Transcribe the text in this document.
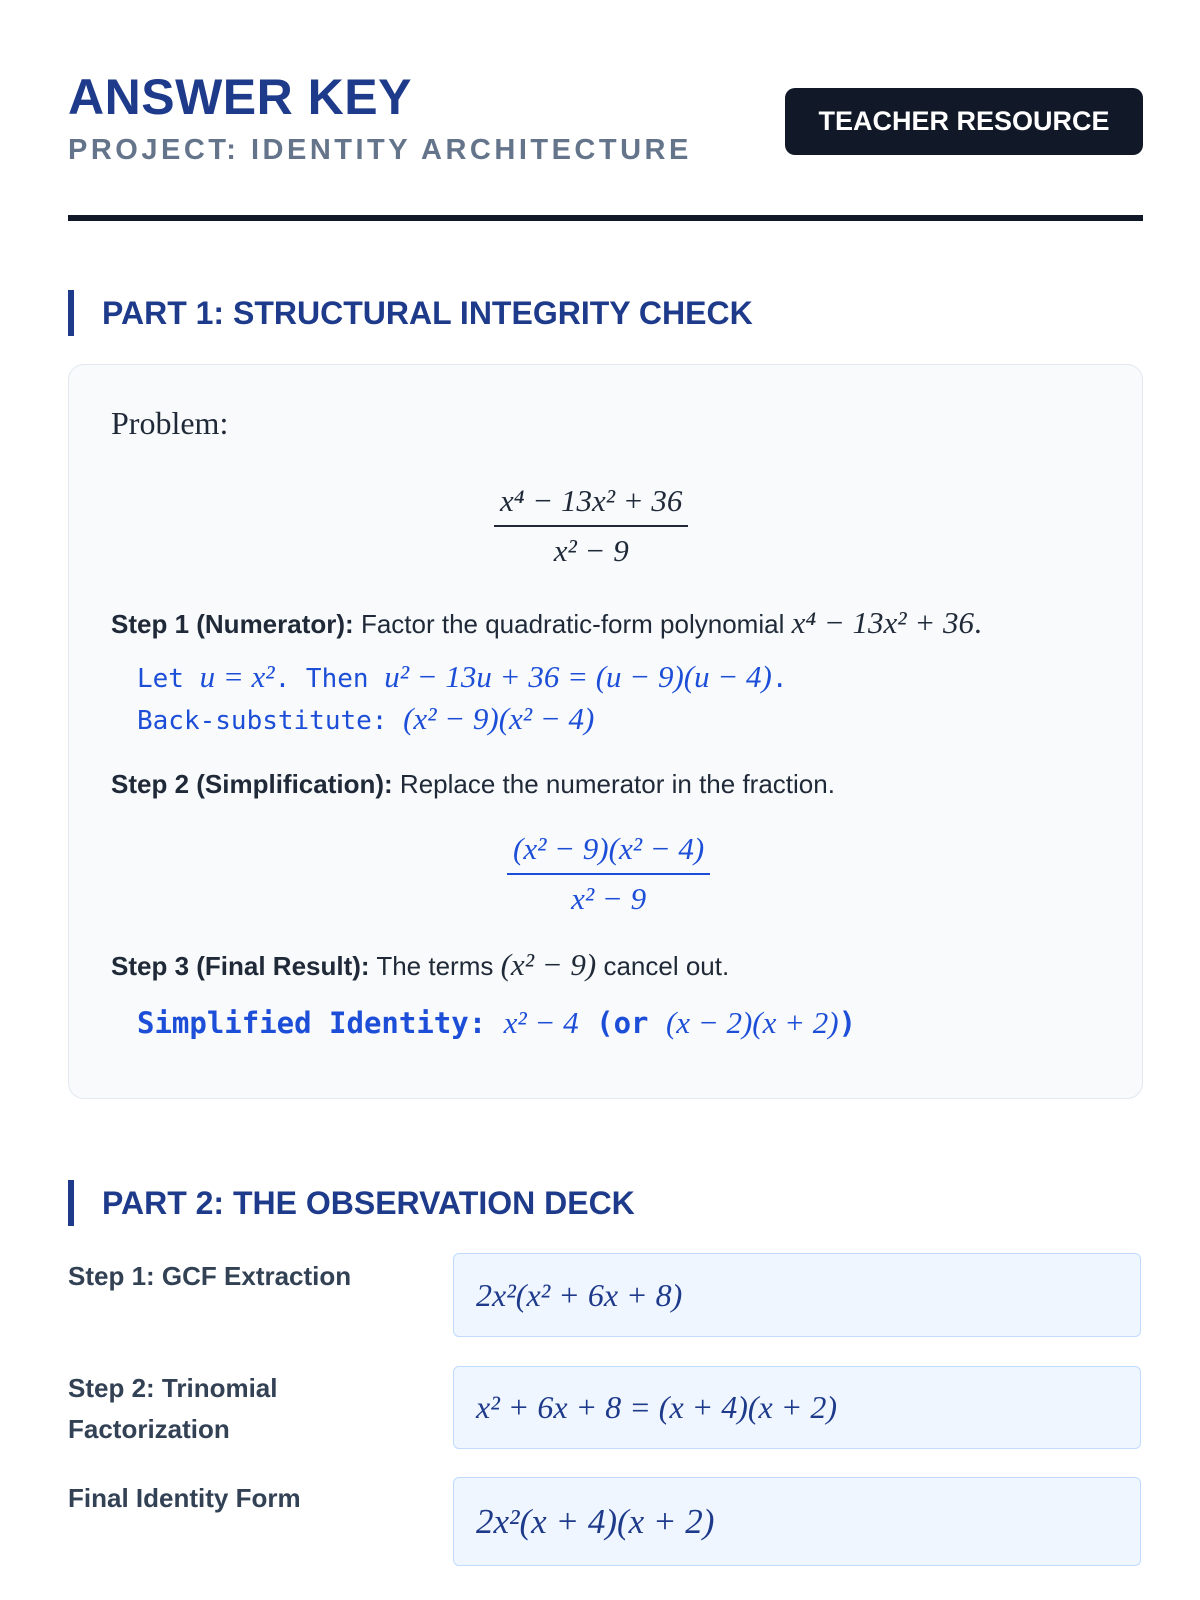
ANSWER KEY
PROJECT: IDENTITY ARCHITECTURE
TEACHER RESOURCE
PART 1: STRUCTURAL INTEGRITY CHECK
Problem:
$\frac{\text{x⁴ − 13x² + 36}}{\text{x² − 9}}$
Step 1 (Numerator): Factor the quadratic-form polynomial x⁴ − 13x² + 36.
Let u = x². Then u² − 13u + 36 = (u − 9)(u − 4).
Back-substitute: (x² − 9)(x² − 4)
Step 2 (Simplification): Replace the numerator in the fraction.
$\frac{\text{(x² − 9)(x² − 4)}}{\text{x² − 9}}$
Step 3 (Final Result): The terms (x² − 9) cancel out.
Simplified Identity: x² − 4 (or (x − 2)(x + 2))
PART 2: THE OBSERVATION DECK
Step 1: GCF Extraction
2x²(x² + 6x + 8)
Step 2: Trinomial Factorization
x² + 6x + 8 = (x + 4)(x + 2)
Final Identity Form
2x²(x + 4)(x + 2)
